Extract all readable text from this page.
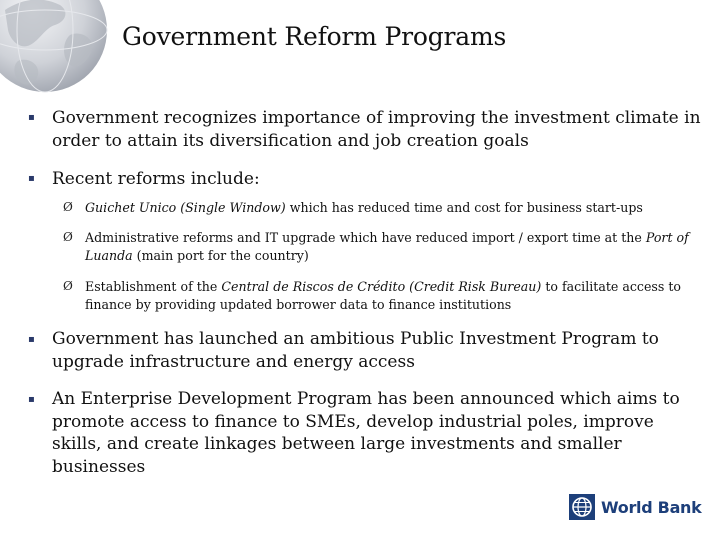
Government Reform Programs
▪ Government recognizes importance of improving the investment climate in order to attain its diversification and job creation goals
▪ Recent reforms include:
Ø Guichet Unico (Single Window) which has reduced time and cost for business start-ups
Ø Administrative reforms and IT upgrade which have reduced import / export time at the Port of Luanda (main port for the country)
Ø Establishment of the Central de Riscos de Crédito (Credit Risk Bureau) to facilitate access to finance by providing updated borrower data to finance institutions
▪ Government has launched an ambitious Public Investment Program to upgrade infrastructure and energy access
▪ An Enterprise Development Program has been announced which aims to promote access to finance to SMEs, develop industrial poles, improve skills, and create linkages between large investments and smaller businesses
World Bank
